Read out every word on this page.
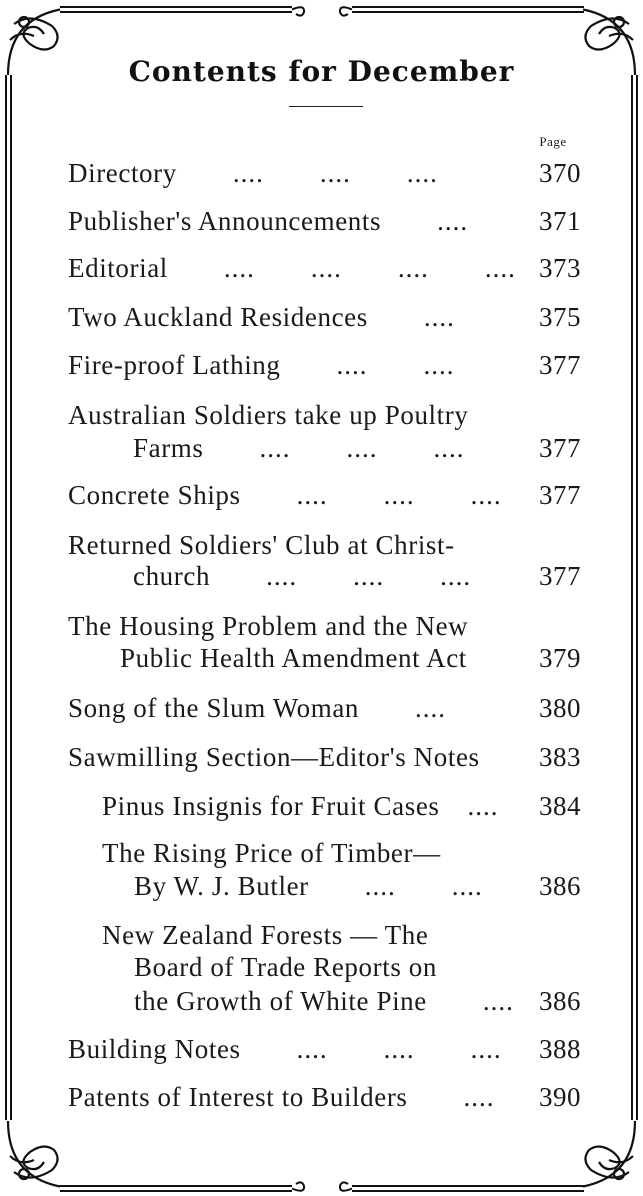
Contents for December
Page
Directory  ....  ....  ....	370
Publisher's Announcements  ....	371
Editorial  ....  ....  ....  .... 373
Two Auckland Residences  ....	375
Fire-proof Lathing  ....  ....	377
Australian Soldiers take up Poultry
Farms  ....  ....  ....	377
Concrete Ships  ....  ....  ....	377
Returned Soldiers' Club at Christ-
church  ....  ....  ....	377
The Housing Problem and the New
Public Health Amendment Act	379
Song of the Slum Woman  ....	380
Sawmilling Section—Editor's Notes	383
Pinus Insignis for Fruit Cases ....	384
The Rising Price of Timber—
By W. J. Butler  ....  ....	386
New Zealand Forests — The
Board of Trade Reports on
the Growth of White Pine  .... 386
Building Notes  ....  ....  ....	388
Patents of Interest to Builders  ....	390
